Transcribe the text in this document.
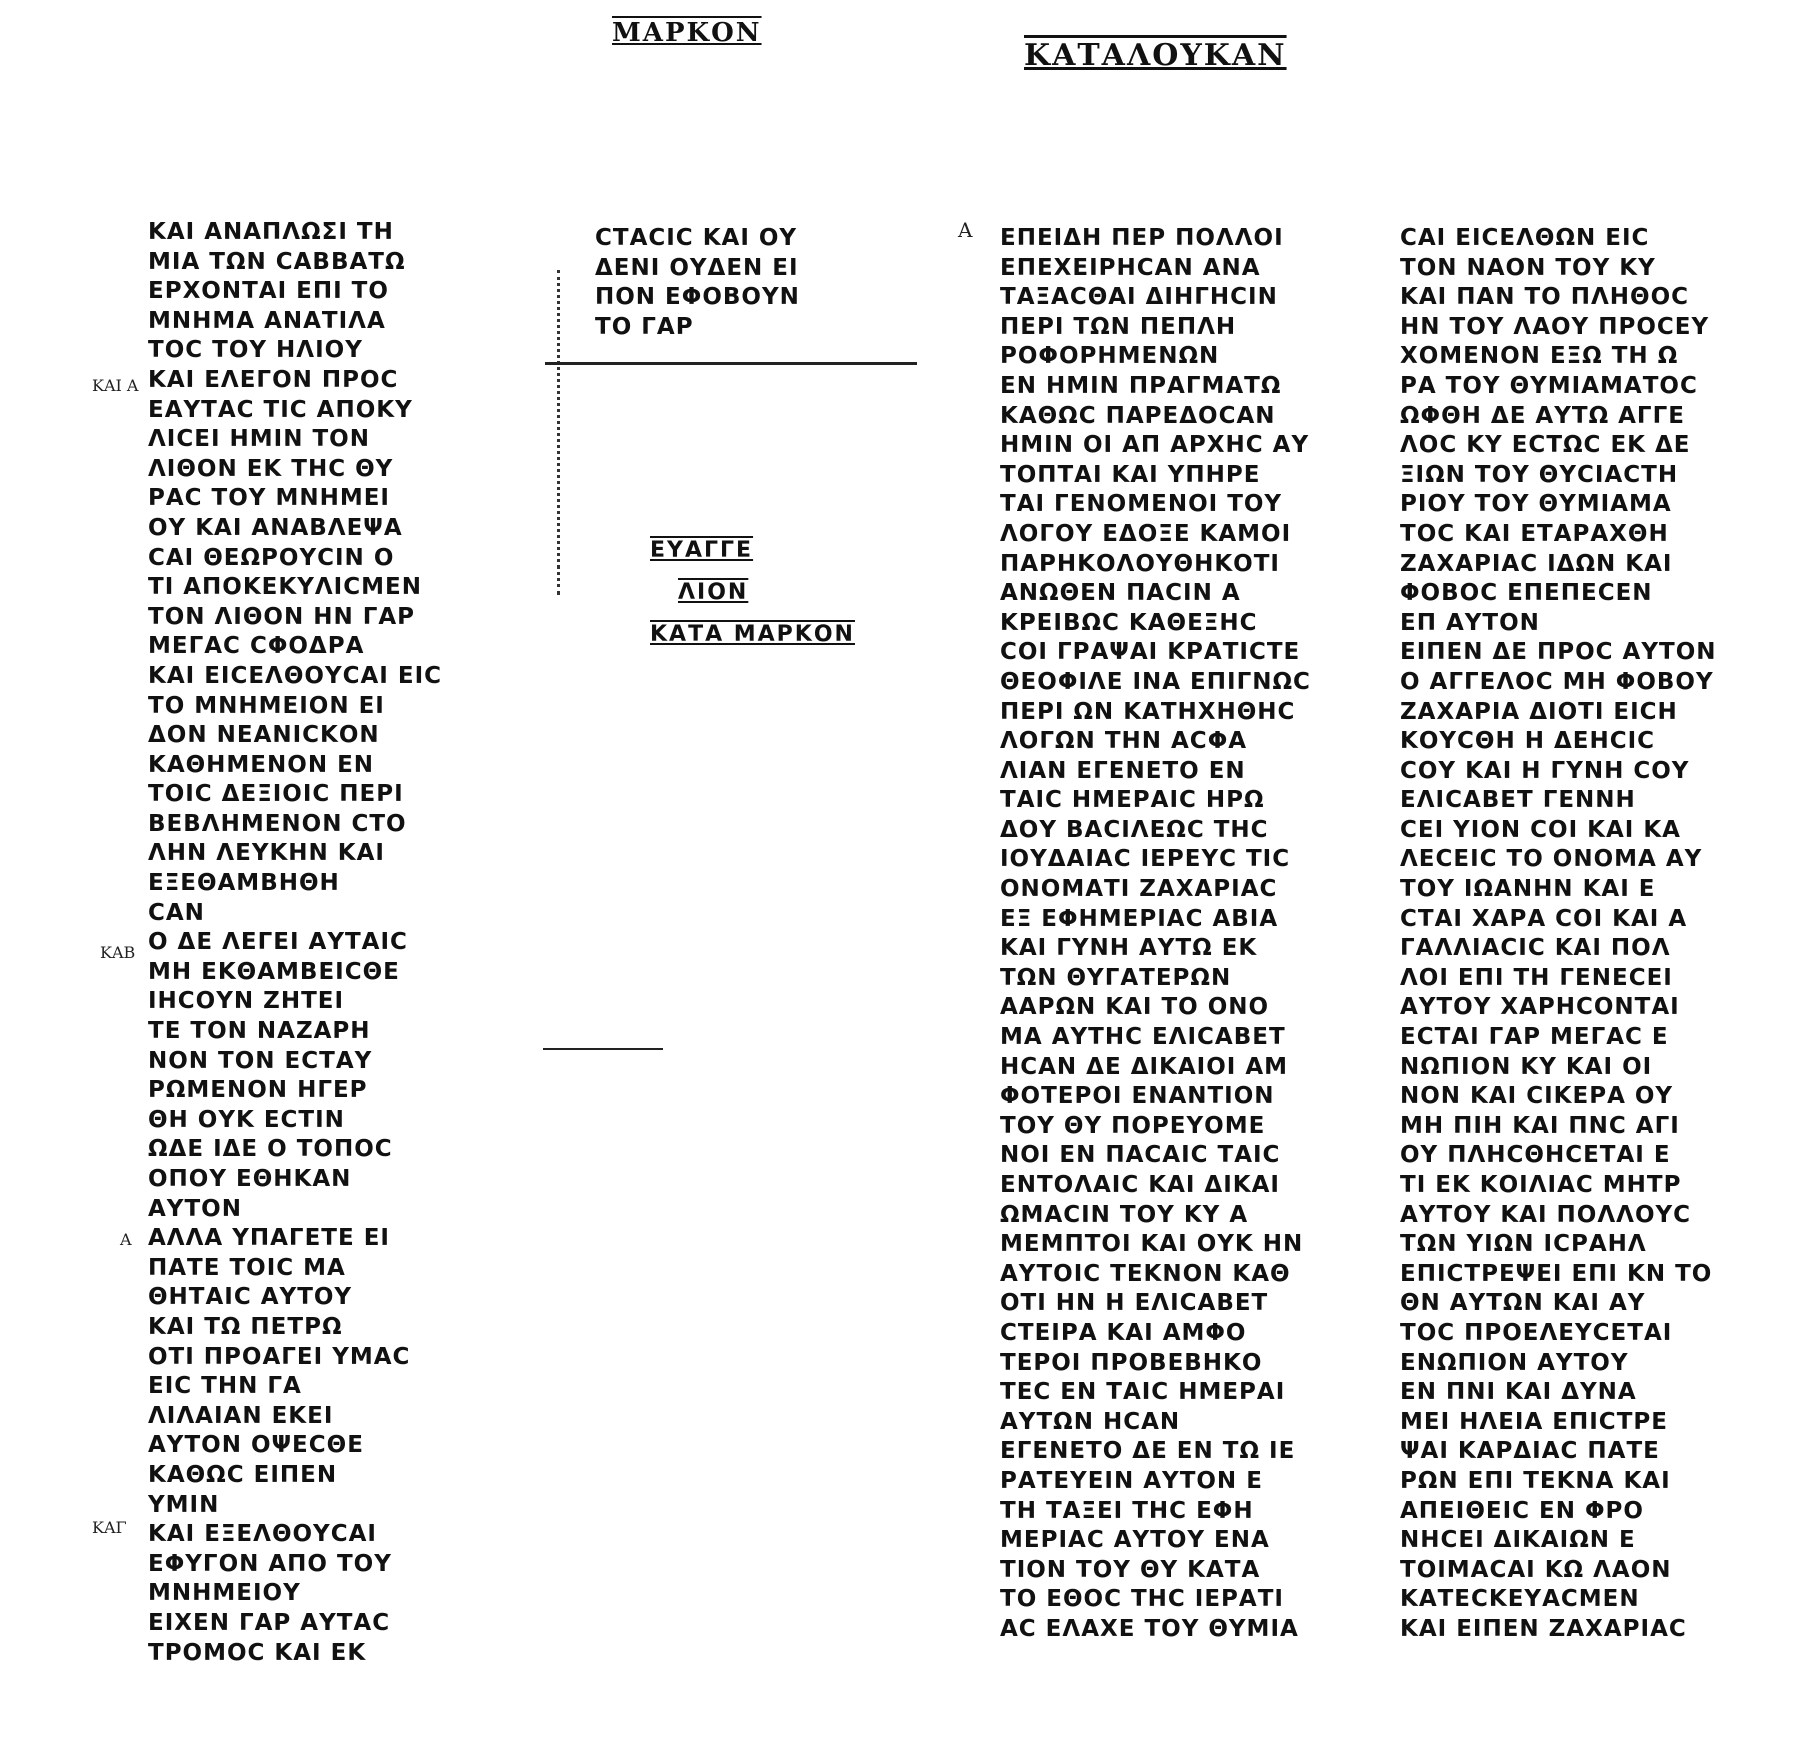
ΜΑΡΚΟΝ
ΚΑΤΑΛΟΥΚΑΝ
ΚΑΙ Α
ΚΑΒ
Α
ΚΑΓ
Α
ΚΑΙ ΑΝΑΠΛΩΣΙ ΤΗ
ΜΙΑ ΤΩΝ CΑΒΒΑΤΩ
ΕΡΧΟΝΤΑΙ ΕΠΙ ΤΟ
ΜΝΗΜΑ ΑΝΑΤΙΛΑ
ΤΟC ΤΟΥ ΗΛΙΟΥ
ΚΑΙ ΕΛΕΓΟΝ ΠΡΟC
ΕΑΥΤΑC ΤΙC ΑΠΟΚΥ
ΛΙCΕΙ ΗΜΙΝ ΤΟΝ
ΛΙΘΟΝ ΕΚ ΤΗC ΘΥ
ΡΑC ΤΟΥ ΜΝΗΜΕΙ
ΟΥ ΚΑΙ ΑΝΑΒΛΕΨΑ
CΑΙ ΘΕΩΡΟΥCΙΝ Ο
ΤΙ ΑΠΟΚΕΚΥΛΙCΜΕΝ
ΤΟΝ ΛΙΘΟΝ ΗΝ ΓΑΡ
ΜΕΓΑC CΦΟΔΡΑ
ΚΑΙ ΕΙCΕΛΘΟΥCΑΙ ΕΙC
ΤΟ ΜΝΗΜΕΙΟΝ ΕΙ
ΔΟΝ ΝΕΑΝΙCΚΟΝ
ΚΑΘΗΜΕΝΟΝ ΕΝ
ΤΟΙC ΔΕΞΙΟΙC ΠΕΡΙ
ΒΕΒΛΗΜΕΝΟΝ CΤΟ
ΛΗΝ ΛΕΥΚΗΝ ΚΑΙ
ΕΞΕΘΑΜΒΗΘΗ
CΑΝ
Ο ΔΕ ΛΕΓΕΙ ΑΥΤΑΙC
ΜΗ ΕΚΘΑΜΒΕΙCΘΕ
ΙΗCΟΥΝ ΖΗΤΕΙ
ΤΕ ΤΟΝ ΝΑΖΑΡΗ
ΝΟΝ ΤΟΝ ΕCΤΑΥ
ΡΩΜΕΝΟΝ ΗΓΕΡ
ΘΗ ΟΥΚ ΕCΤΙΝ
ΩΔΕ ΙΔΕ Ο ΤΟΠΟC
ΟΠΟΥ ΕΘΗΚΑΝ
ΑΥΤΟΝ
ΑΛΛΑ ΥΠΑΓΕΤΕ ΕΙ
ΠΑΤΕ ΤΟΙC ΜΑ
ΘΗΤΑΙC ΑΥΤΟΥ
ΚΑΙ ΤΩ ΠΕΤΡΩ
ΟΤΙ ΠΡΟΑΓΕΙ ΥΜΑC
ΕΙC ΤΗΝ ΓΑ
ΛΙΛΑΙΑΝ ΕΚΕΙ
ΑΥΤΟΝ ΟΨΕCΘΕ
ΚΑΘΩC ΕΙΠΕΝ
ΥΜΙΝ
ΚΑΙ ΕΞΕΛΘΟΥCΑΙ
ΕΦΥΓΟΝ ΑΠΟ ΤΟΥ
ΜΝΗΜΕΙΟΥ
ΕΙΧΕΝ ΓΑΡ ΑΥΤΑC
ΤΡΟΜΟC ΚΑΙ ΕΚ
CΤΑCΙC ΚΑΙ ΟΥ
ΔΕΝΙ ΟΥΔΕΝ ΕΙ
ΠΟΝ ΕΦΟΒΟΥΝ
ΤΟ ΓΑΡ
ΕΠΕΙΔΗ ΠΕΡ ΠΟΛΛΟΙ
ΕΠΕΧΕΙΡΗCΑΝ ΑΝΑ
ΤΑΞΑCΘΑΙ ΔΙΗΓΗCΙΝ
ΠΕΡΙ ΤΩΝ ΠΕΠΛΗ
ΡΟΦΟΡΗΜΕΝΩΝ
ΕΝ ΗΜΙΝ ΠΡΑΓΜΑΤΩ
ΚΑΘΩC ΠΑΡΕΔΟCΑΝ
ΗΜΙΝ ΟΙ ΑΠ ΑΡΧΗC ΑΥ
ΤΟΠΤΑΙ ΚΑΙ ΥΠΗΡΕ
ΤΑΙ ΓΕΝΟΜΕΝΟΙ ΤΟΥ
ΛΟΓΟΥ ΕΔΟΞΕ ΚΑΜΟΙ
ΠΑΡΗΚΟΛΟΥΘΗΚΟΤΙ
ΑΝΩΘΕΝ ΠΑCΙΝ Α
ΚΡΕΙΒΩC ΚΑΘΕΞΗC
CΟΙ ΓΡΑΨΑΙ ΚΡΑΤΙCΤΕ
ΘΕΟΦΙΛΕ ΙΝΑ ΕΠΙΓΝΩC
ΠΕΡΙ ΩΝ ΚΑΤΗΧΗΘΗC
ΛΟΓΩΝ ΤΗΝ ΑCΦΑ
ΛΙΑΝ ΕΓΕΝΕΤΟ ΕΝ
ΤΑΙC ΗΜΕΡΑΙC ΗΡΩ
ΔΟΥ ΒΑCΙΛΕΩC ΤΗC
ΙΟΥΔΑΙΑC ΙΕΡΕΥC ΤΙC
ΟΝΟΜΑΤΙ ΖΑΧΑΡΙΑC
ΕΞ ΕΦΗΜΕΡΙΑC ΑΒΙΑ
ΚΑΙ ΓΥΝΗ ΑΥΤΩ ΕΚ
ΤΩΝ ΘΥΓΑΤΕΡΩΝ
ΑΑΡΩΝ ΚΑΙ ΤΟ ΟΝΟ
ΜΑ ΑΥΤΗC ΕΛΙCΑΒΕΤ
ΗCΑΝ ΔΕ ΔΙΚΑΙΟΙ ΑΜ
ΦΟΤΕΡΟΙ ΕΝΑΝΤΙΟΝ
ΤΟΥ ΘΥ ΠΟΡΕΥΟΜΕ
ΝΟΙ ΕΝ ΠΑCΑΙC ΤΑΙC
ΕΝΤΟΛΑΙC ΚΑΙ ΔΙΚΑΙ
ΩΜΑCΙΝ ΤΟΥ ΚΥ Α
ΜΕΜΠΤΟΙ ΚΑΙ ΟΥΚ ΗΝ
ΑΥΤΟΙC ΤΕΚΝΟΝ ΚΑΘ
ΟΤΙ ΗΝ Η ΕΛΙCΑΒΕΤ
CΤΕΙΡΑ ΚΑΙ ΑΜΦΟ
ΤΕΡΟΙ ΠΡΟΒΕΒΗΚΟ
ΤΕC ΕΝ ΤΑΙC ΗΜΕΡΑΙ
ΑΥΤΩΝ ΗCΑΝ
ΕΓΕΝΕΤΟ ΔΕ ΕΝ ΤΩ ΙΕ
ΡΑΤΕΥΕΙΝ ΑΥΤΟΝ Ε
ΤΗ ΤΑΞΕΙ ΤΗC ΕΦΗ
ΜΕΡΙΑC ΑΥΤΟΥ ΕΝΑ
ΤΙΟΝ ΤΟΥ ΘΥ ΚΑΤΑ
ΤΟ ΕΘΟC ΤΗC ΙΕΡΑΤΙ
ΑC ΕΛΑΧΕ ΤΟΥ ΘΥΜΙΑ
CΑΙ ΕΙCΕΛΘΩΝ ΕΙC
ΤΟΝ ΝΑΟΝ ΤΟΥ ΚΥ
ΚΑΙ ΠΑΝ ΤΟ ΠΛΗΘΟC
ΗΝ ΤΟΥ ΛΑΟΥ ΠΡΟCΕΥ
ΧΟΜΕΝΟΝ ΕΞΩ ΤΗ Ω
ΡΑ ΤΟΥ ΘΥΜΙΑΜΑΤΟC
ΩΦΘΗ ΔΕ ΑΥΤΩ ΑΓΓΕ
ΛΟC ΚΥ ΕCΤΩC ΕΚ ΔΕ
ΞΙΩΝ ΤΟΥ ΘΥCΙΑCΤΗ
ΡΙΟΥ ΤΟΥ ΘΥΜΙΑΜΑ
ΤΟC ΚΑΙ ΕΤΑΡΑΧΘΗ
ΖΑΧΑΡΙΑC ΙΔΩΝ ΚΑΙ
ΦΟΒΟC ΕΠΕΠΕCΕΝ
ΕΠ ΑΥΤΟΝ
ΕΙΠΕΝ ΔΕ ΠΡΟC ΑΥΤΟΝ
Ο ΑΓΓΕΛΟC ΜΗ ΦΟΒΟΥ
ΖΑΧΑΡΙΑ ΔΙΟΤΙ ΕΙCΗ
ΚΟΥCΘΗ Η ΔΕΗCΙC
CΟΥ ΚΑΙ Η ΓΥΝΗ CΟΥ
ΕΛΙCΑΒΕΤ ΓΕΝΝΗ
CΕΙ ΥΙΟΝ CΟΙ ΚΑΙ ΚΑ
ΛΕCΕΙC ΤΟ ΟΝΟΜΑ ΑΥ
ΤΟΥ ΙΩΑΝΗΝ ΚΑΙ Ε
CΤΑΙ ΧΑΡΑ CΟΙ ΚΑΙ Α
ΓΑΛΛΙΑCΙC ΚΑΙ ΠΟΛ
ΛΟΙ ΕΠΙ ΤΗ ΓΕΝΕCΕΙ
ΑΥΤΟΥ ΧΑΡΗCΟΝΤΑΙ
ΕCΤΑΙ ΓΑΡ ΜΕΓΑC Ε
ΝΩΠΙΟΝ ΚΥ ΚΑΙ ΟΙ
ΝΟΝ ΚΑΙ CΙΚΕΡΑ ΟΥ
ΜΗ ΠΙΗ ΚΑΙ ΠΝC ΑΓΙ
ΟΥ ΠΛΗCΘΗCΕΤΑΙ Ε
ΤΙ ΕΚ ΚΟΙΛΙΑC ΜΗΤΡ
ΑΥΤΟΥ ΚΑΙ ΠΟΛΛΟΥC
ΤΩΝ ΥΙΩΝ ΙCΡΑΗΛ
ΕΠΙCΤΡΕΨΕΙ ΕΠΙ ΚΝ ΤΟ
ΘΝ ΑΥΤΩΝ ΚΑΙ ΑΥ
ΤΟC ΠΡΟΕΛΕΥCΕΤΑΙ
ΕΝΩΠΙΟΝ ΑΥΤΟΥ
ΕΝ ΠΝΙ ΚΑΙ ΔΥΝΑ
ΜΕΙ ΗΛΕΙΑ ΕΠΙCΤΡΕ
ΨΑΙ ΚΑΡΔΙΑC ΠΑΤΕ
ΡΩΝ ΕΠΙ ΤΕΚΝΑ ΚΑΙ
ΑΠΕΙΘΕΙC ΕΝ ΦΡΟ
ΝΗCΕΙ ΔΙΚΑΙΩΝ Ε
ΤΟΙΜΑCΑΙ ΚΩ ΛΑΟΝ
ΚΑΤΕCΚΕΥΑCΜΕΝ
ΚΑΙ ΕΙΠΕΝ ΖΑΧΑΡΙΑC
ΕΥΑΓΓΕ
ΛΙΟΝ
ΚΑΤΑ ΜΑΡΚΟΝ
